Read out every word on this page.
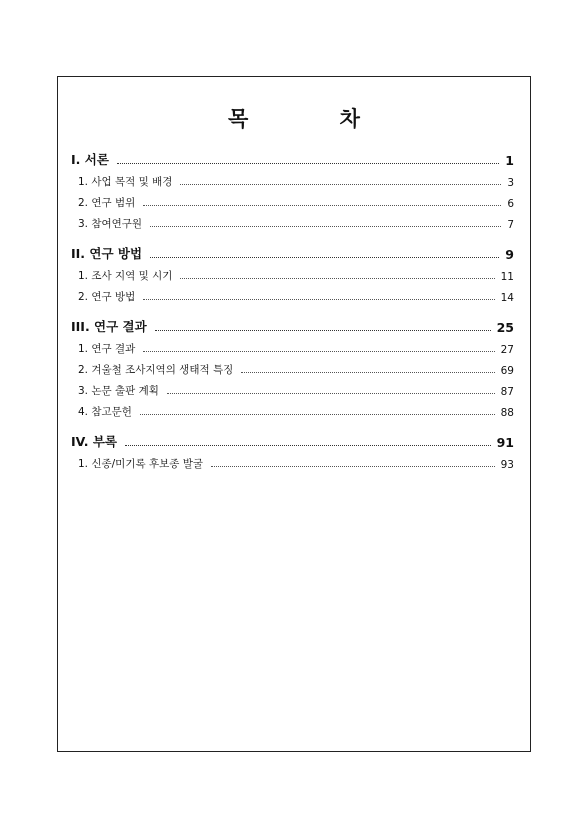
목 차
I. 서론	1
1. 사업 목적 및 배경	3
2. 연구 범위	6
3. 참여연구원	7
II. 연구 방법	9
1. 조사 지역 및 시기	11
2. 연구 방법	14
III. 연구 결과	25
1. 연구 결과	27
2. 겨울철 조사지역의 생태적 특징	69
3. 논문 출판 계획	87
4. 참고문헌	88
IV. 부록	91
1. 신종/미기록 후보종 발굴	93
